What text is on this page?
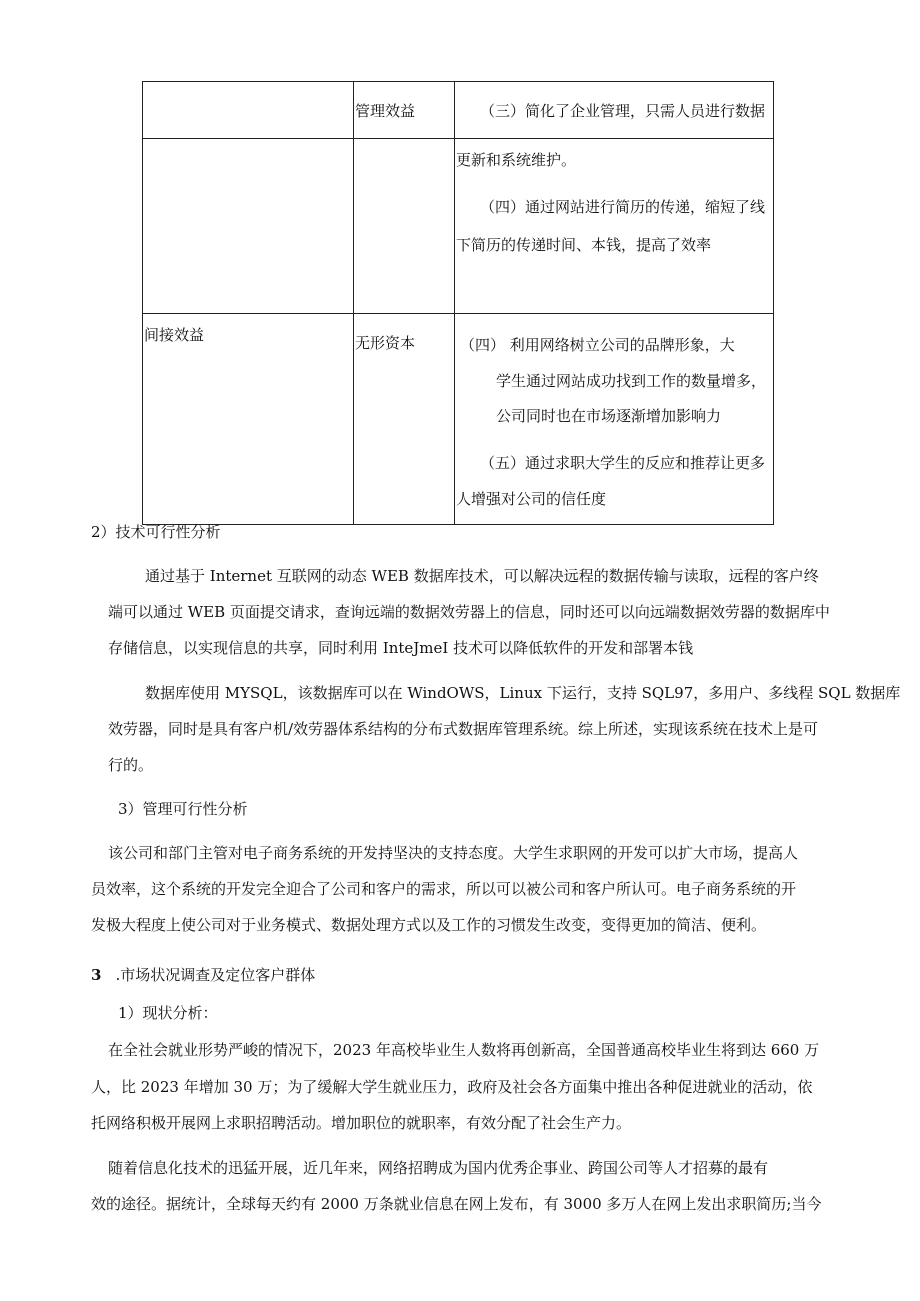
	管理效益	（三）简化了企业管理，只需人员进行数据

		更新和系统维护。
（四）通过网站进行简历的传递，缩短了线
下简历的传递时间、本钱，提高了效率

间接效益	无形资本	（四） 利用网络树立公司的品牌形象，大
学生通过网站成功找到工作的数量增多，
公司同时也在市场逐渐增加影响力
（五）通过求职大学生的反应和推荐让更多
人增强对公司的信任度
2）技术可行性分析
通过基于 Internet 互联网的动态 WEB 数据库技术，可以解决远程的数据传输与读取，远程的客户终
端可以通过 WEB 页面提交请求，查询远端的数据效劳器上的信息，同时还可以向远端数据效劳器的数据库中
存储信息，以实现信息的共享，同时利用 InteJmeI 技术可以降低软件的开发和部署本钱
数据库使用 MYSQL，该数据库可以在 WindOWS，Linux 下运行，支持 SQL97，多用户、多线程 SQL 数据库
效劳器，同时是具有客户机/效劳器体系结构的分布式数据库管理系统。综上所述，实现该系统在技术上是可
行的。
3）管理可行性分析
该公司和部门主管对电子商务系统的开发持坚决的支持态度。大学生求职网的开发可以扩大市场，提高人
员效率，这个系统的开发完全迎合了公司和客户的需求，所以可以被公司和客户所认可。电子商务系统的开
发极大程度上使公司对于业务模式、数据处理方式以及工作的习惯发生改变，变得更加的简洁、便利。
3 .市场状况调查及定位客户群体
1）现状分析：
在全社会就业形势严峻的情况下，2023 年高校毕业生人数将再创新高，全国普通高校毕业生将到达 660 万
人，比 2023 年增加 30 万；为了缓解大学生就业压力，政府及社会各方面集中推出各种促进就业的活动，依
托网络积极开展网上求职招聘活动。增加职位的就职率，有效分配了社会生产力。
随着信息化技术的迅猛开展，近几年来，网络招聘成为国内优秀企事业、跨国公司等人才招募的最有
效的途径。据统计，全球每天约有 2000 万条就业信息在网上发布，有 3000 多万人在网上发出求职简历;当今
